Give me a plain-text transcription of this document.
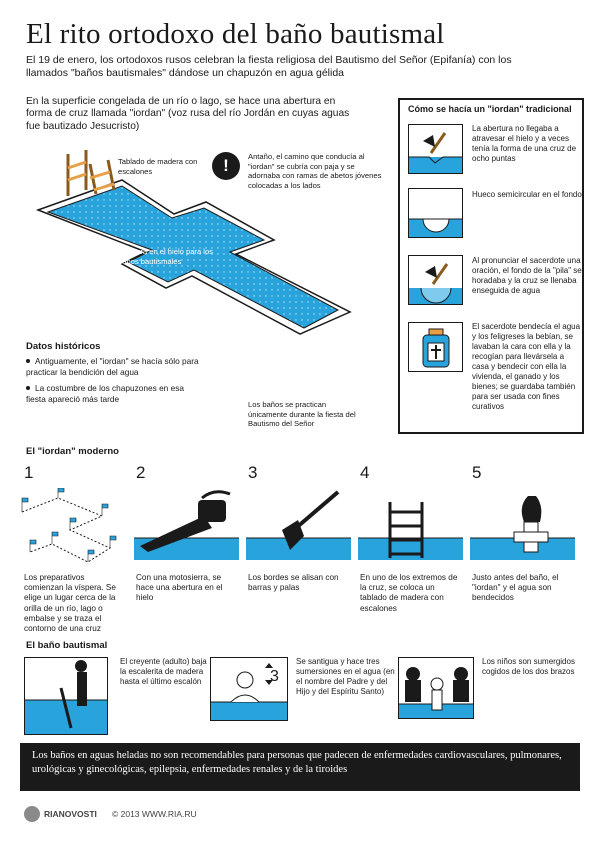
El rito ortodoxo del baño bautismal
El 19 de enero, los ortodoxos rusos celebran la fiesta religiosa del Bautismo del Señor (Epifanía) con los llamados "baños bautismales" dándose un chapuzón en agua gélida
En la superficie congelada de un río o lago, se hace una abertura en forma de cruz llamada "iordan" (voz rusa del río Jordán en cuyas aguas fue bautizado Jesucristo)
Tablado de madera con escalones
Abertura en el hielo para los baños bautismales
Los baños se practican únicamente durante la fiesta del Bautismo del Señor
!	Antaño, el camino que conducía al "iordan" se cubría con paja y se adornaba con ramas de abetos jóvenes colocadas a los lados
Datos históricos
Antiguamente, el "iordan" se hacía sólo para practicar la bendición del agua
La costumbre de los chapuzones en esa fiesta apareció más tarde
Cómo se hacía un "iordan" tradicional
La abertura no llegaba a atravesar el hielo y a veces tenía la forma de una cruz de ocho puntas
Hueco semicircular en el fondo
Al pronunciar el sacerdote una oración, el fondo de la "pila" se horadaba y la cruz se llenaba enseguida de agua
El sacerdote bendecía el agua y los feligreses la bebían, se lavaban la cara con ella y la recogían para llevársela a casa y bendecir con ella la vivienda, el ganado y los bienes; se guardaba también para ser usada con fines curativos
El "iordan" moderno
1
Los preparativos comienzan la víspera. Se elige un lugar cerca de la orilla de un río, lago o embalse y se traza el contorno de una cruz
2
Con una motosierra, se hace una abertura en el hielo
3
Los bordes se alisan con barras y palas
4
En uno de los extremos de la cruz, se coloca un tablado de madera con escalones
5
Justo antes del baño, el "iordan" y el agua son bendecidos
El baño bautismal
El creyente (adulto) baja la escalerita de madera hasta el último escalón	3
Se santigua y hace tres sumersiones en el agua (en el nombre del Padre y del Hijo y del Espíritu Santo)
Los niños son sumergidos cogidos de los dos brazos
Los baños en aguas heladas no son recomendables para personas que padecen de enfermedades cardiovasculares, pulmonares, urológicas y ginecológicas, epilepsia, enfermedades renales y de la tiroides
RIANOVOSTI © 2013 WWW.RIA.RU
